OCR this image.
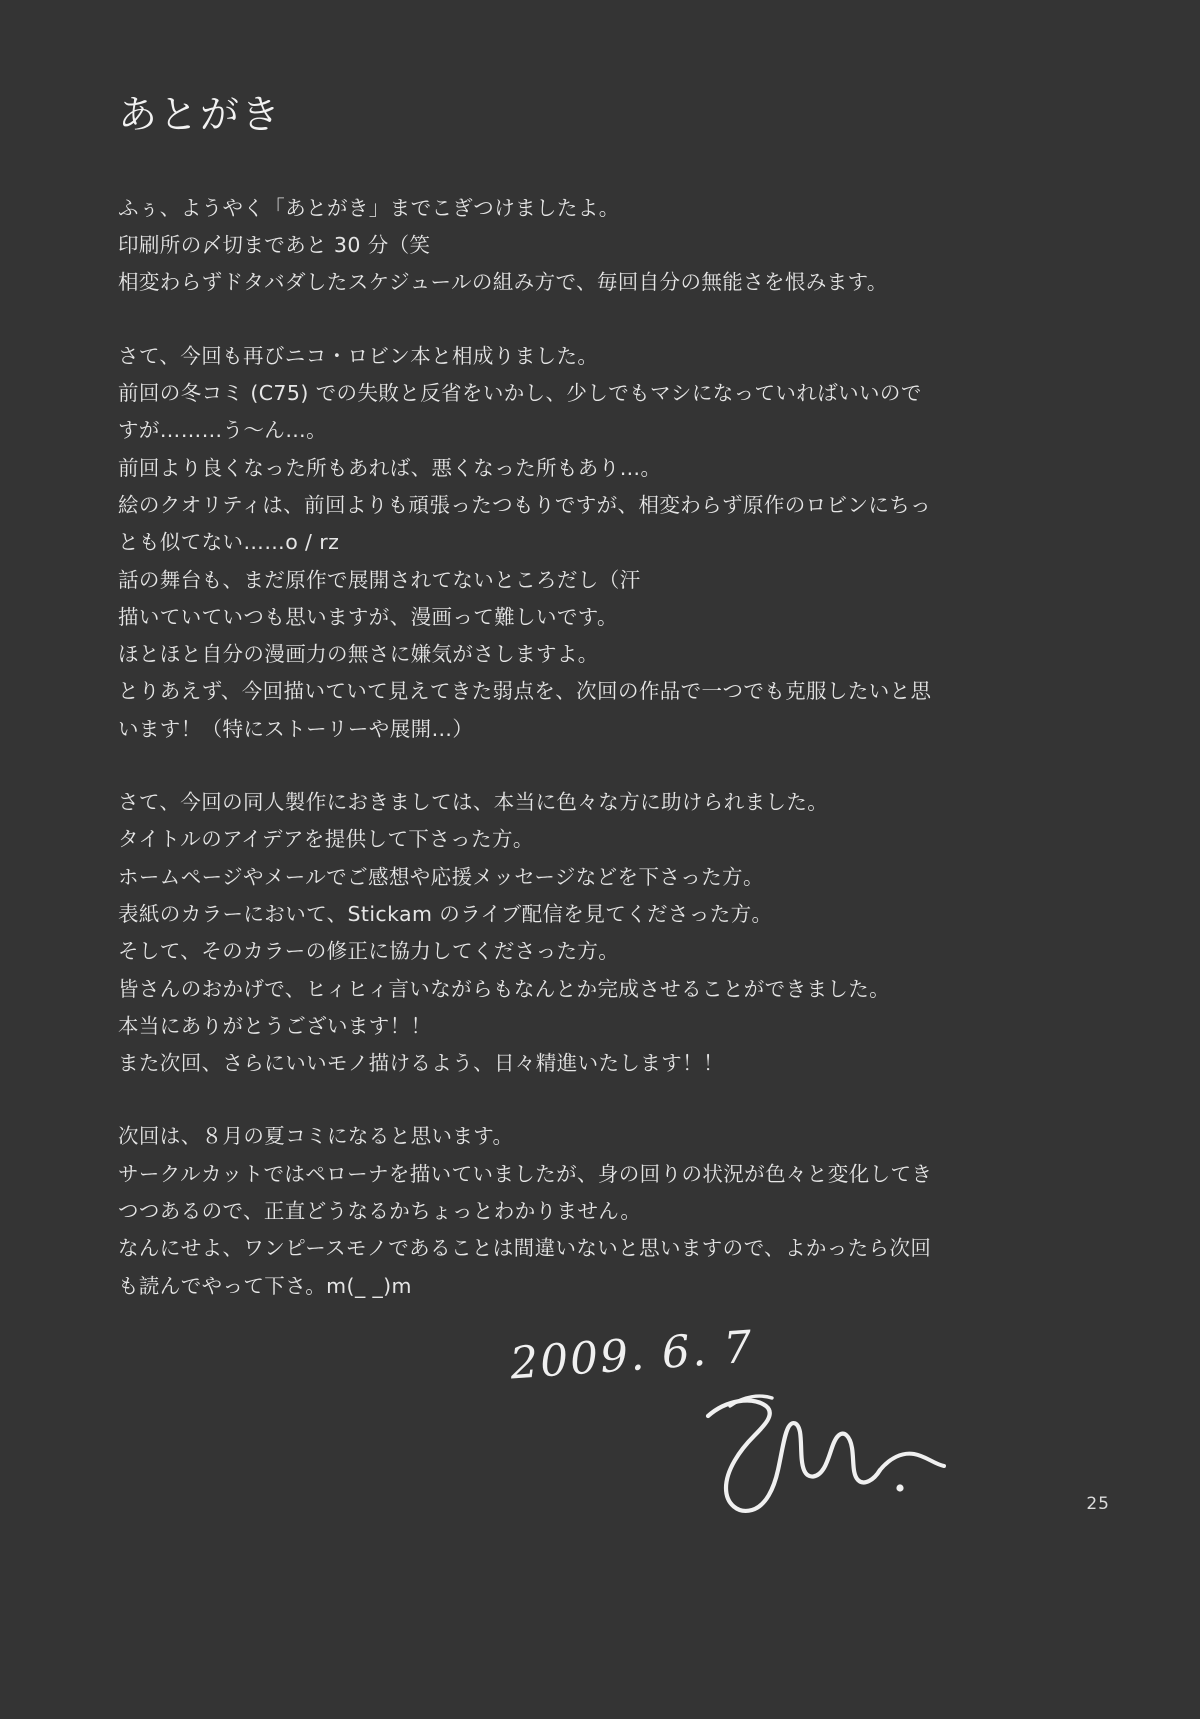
あとがき
ふぅ、ようやく「あとがき」までこぎつけましたよ。
印刷所の〆切まであと 30 分（笑
相変わらずドタバダしたスケジュールの組み方で、毎回自分の無能さを恨みます。
さて、今回も再びニコ・ロビン本と相成りました。
前回の冬コミ (C75) での失敗と反省をいかし、少しでもマシになっていればいいので
すが………う～ん…。
前回より良くなった所もあれば、悪くなった所もあり…。
絵のクオリティは、前回よりも頑張ったつもりですが、相変わらず原作のロビンにちっ
とも似てない……o / rz
話の舞台も、まだ原作で展開されてないところだし（汗
描いていていつも思いますが、漫画って難しいです。
ほとほと自分の漫画力の無さに嫌気がさしますよ。
とりあえず、今回描いていて見えてきた弱点を、次回の作品で一つでも克服したいと思
います！（特にストーリーや展開…）
さて、今回の同人製作におきましては、本当に色々な方に助けられました。
タイトルのアイデアを提供して下さった方。
ホームページやメールでご感想や応援メッセージなどを下さった方。
表紙のカラーにおいて、Stickam のライブ配信を見てくださった方。
そして、そのカラーの修正に協力してくださった方。
皆さんのおかげで、ヒィヒィ言いながらもなんとか完成させることができました。
本当にありがとうございます！！
また次回、さらにいいモノ描けるよう、日々精進いたします！！
次回は、８月の夏コミになると思います。
サークルカットではペローナを描いていましたが、身の回りの状況が色々と変化してき
つつあるので、正直どうなるかちょっとわかりません。
なんにせよ、ワンピースモノであることは間違いないと思いますので、よかったら次回
も読んでやって下さ。m(_ _)m
2009. 6. 7
25
